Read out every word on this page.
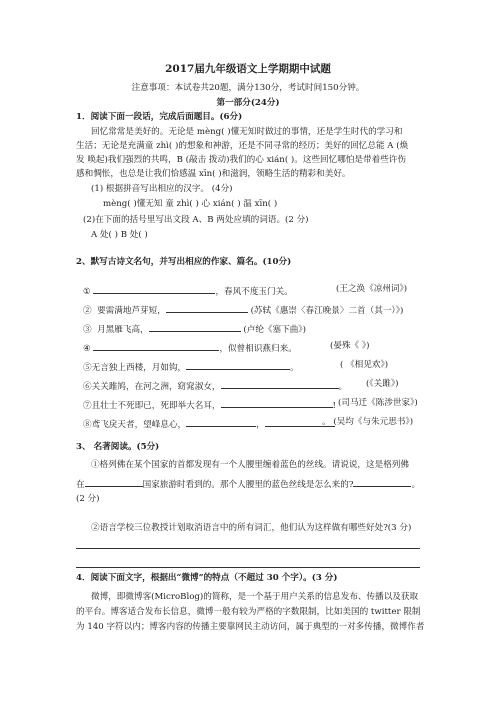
2017届九年级语文上学期期中试题
注意事项：本试卷共20题，满分130分，考试时间150分钟。
第一部分(24分)
1．阅读下面一段话，完成后面题目。(6分)
回忆常常是美好的。无论是 mèng( )懂无知时做过的事情，还是学生时代的学习和
生活；无论是充满童 zhì( )的想象和神游，还是不同寻常的经历；美好的回忆总能 A (焕
发 唤起)我们强烈的共鸣，B (敲击 拨动)我们的心 xián( )。这些回忆哪怕是带着些许伤
感和惆怅，也总是让我们恰感温 xīn( )和滋润，领略生活的精彩和美好。
(1) 根据拼音写出相应的汉字。 (4分)
mèng( )懂无知 童 zhì( ) 心 xián( ) 温 xīn( )
(2)在下面的括号里写出文段 A、B 两处应填的词语。(2 分)
A 处( ) B 处( )
2、默写古诗文名句，并写出相应的作家、篇名。(10分)
①	，春风不度玉门关。	(王之涣《凉州词》)
② 要需满地芦芽短，	(苏轼《惠崇〈春江晚景〉二首（其一）》)
③ 月黑雁飞高，	(卢纶《塞下曲》)
④	，似曾相识燕归来。	(晏殊《 》)
⑤无言独上西楼，月如钩，	。	( 《相见欢》)
⑥关关雎鸠，在河之洲，窈窕淑女，	。 (《关雎》)
⑦且壮士不死即已，死即举大名耳，	! (司马迁《陈涉世家》)
⑧鸢飞戾天者，望峰息心，	，	。 (吴均《与朱元思书》)
3、 名著阅读。(5分)
①格列佛在某个国家的首都发现有一个人腰里缠着蓝色的丝线。请说说，这是格列佛
在	国家旅游时看到的。那个人腰里的蓝色丝线是怎么来的?	。
(2 分)
②语言学校三位教授计划取消语言中的所有词汇，他们认为这样做有哪些好处?(3 分)
4．阅读下面文字，根据出“微博”的特点（不超过 30 个字）。(3 分)
微博，即微博客(MicroBlog)的简称，是一个基于用户关系的信息发布、传播以及获取
的平台。博客适合发布长信息，微博一般有较为严格的字数限制，比如美国的 twitter 限制
为 140 字符以内；博客内容的传播主要靠网民主动访问，属于典型的一对多传播，微博作者
